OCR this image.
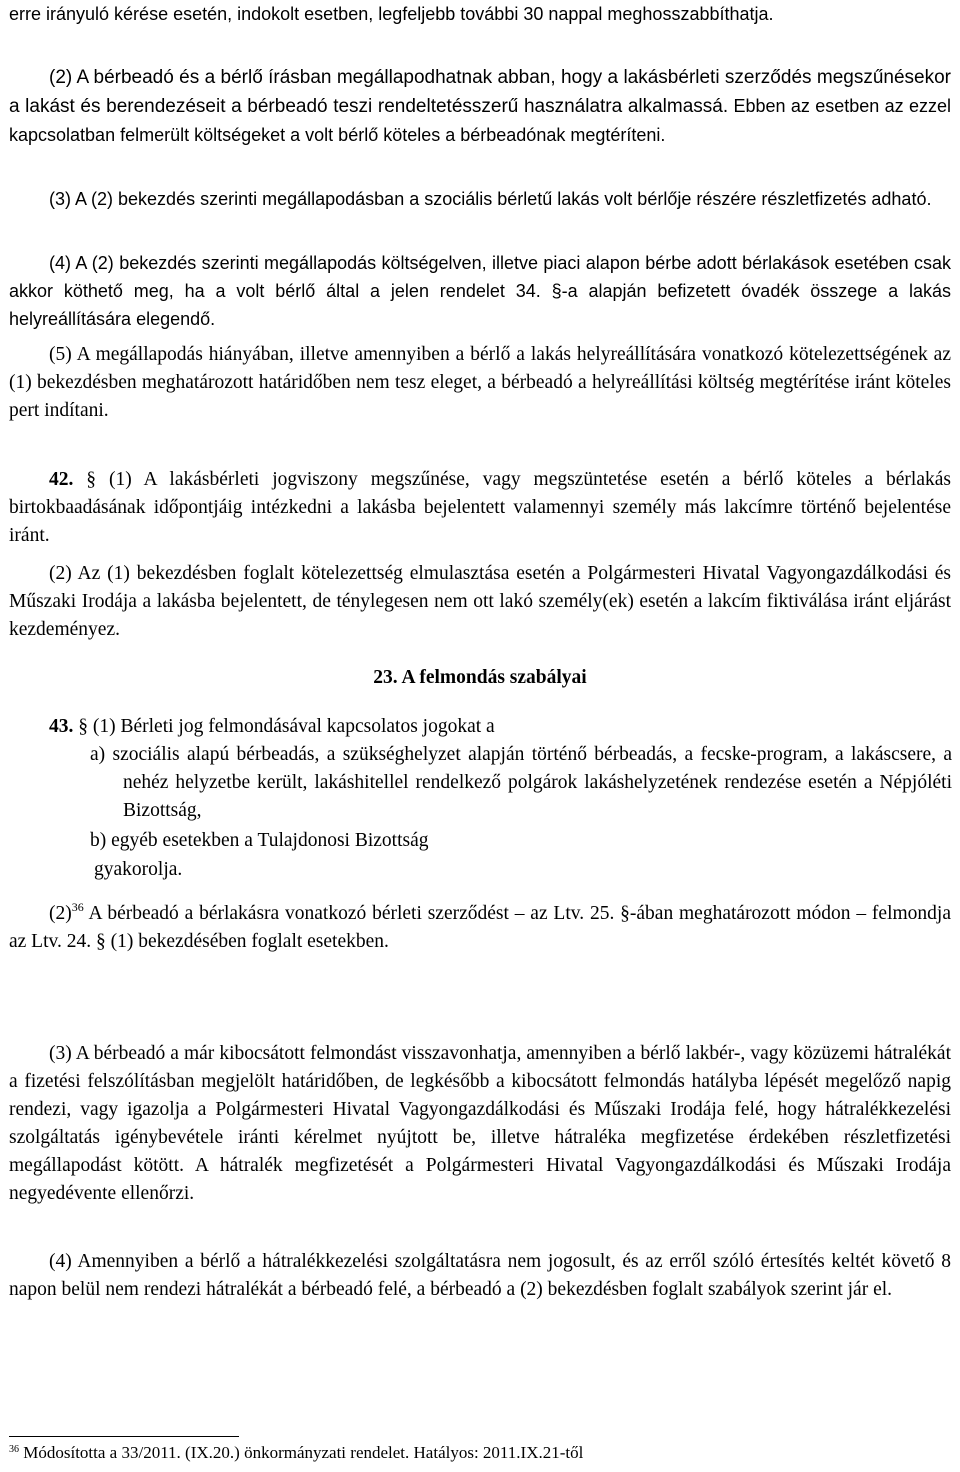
erre irányuló kérése esetén, indokolt esetben, legfeljebb további 30 nappal meghosszabbíthatja.

(2) A bérbeadó és a bérlő írásban megállapodhatnak abban, hogy a lakásbérleti szerződés megszűnésekor a lakást és berendezéseit a bérbeadó teszi rendeltetésszerű használatra alkalmassá. Ebben az esetben az ezzel kapcsolatban felmerült költségeket a volt bérlő köteles a bérbeadónak megtéríteni.

(3) A (2) bekezdés szerinti megállapodásban a szociális bérletű lakás volt bérlője részére részletfizetés adható.

(4) A (2) bekezdés szerinti megállapodás költségelven, illetve piaci alapon bérbe adott bérlakások esetében csak akkor köthető meg, ha a volt bérlő által a jelen rendelet 34. §-a alapján befizetett óvadék összege a lakás helyreállítására elegendő.

(5) A megállapodás hiányában, illetve amennyiben a bérlő a lakás helyreállítására vonatkozó kötelezettségének az (1) bekezdésben meghatározott határidőben nem tesz eleget, a bérbeadó a helyreállítási költség megtérítése iránt köteles pert indítani.

42. § (1) A lakásbérleti jogviszony megszűnése, vagy megszüntetése esetén a bérlő köteles a bérlakás birtokbaadásának időpontjáig intézkedni a lakásba bejelentett valamennyi személy más lakcímre történő bejelentése iránt.

(2) Az (1) bekezdésben foglalt kötelezettség elmulasztása esetén a Polgármesteri Hivatal Vagyongazdálkodási és Műszaki Irodája a lakásba bejelentett, de ténylegesen nem ott lakó személy(ek) esetén a lakcím fiktiválása iránt eljárást kezdeményez.

23. A felmondás szabályai

43. § (1) Bérleti jog felmondásával kapcsolatos jogokat a

a) szociális alapú bérbeadás, a szükséghelyzet alapján történő bérbeadás, a fecske-program, a lakáscsere, a nehéz helyzetbe került, lakáshitellel rendelkező polgárok lakáshelyzetének rendezése esetén a Népjóléti Bizottság,

b) egyéb esetekben a Tulajdonosi Bizottság

gyakorolja.

$(2)^{36}$ A bérbeadó a bérlakásra vonatkozó bérleti szerződést – az Ltv. 25. §-ában meghatározott módon – felmondja az Ltv. 24. § (1) bekezdésében foglalt esetekben.

(3) A bérbeadó a már kibocsátott felmondást visszavonhatja, amennyiben a bérlő lakbér-, vagy közüzemi hátralékát a fizetési felszólításban megjelölt határidőben, de legkésőbb a kibocsátott felmondás hatályba lépését megelőző napig rendezi, vagy igazolja a Polgármesteri Hivatal Vagyongazdálkodási és Műszaki Irodája felé, hogy hátralékkezelési szolgáltatás igénybevétele iránti kérelmet nyújtott be, illetve hátraléka megfizetése érdekében részletfizetési megállapodást kötött. A hátralék megfizetését a Polgármesteri Hivatal Vagyongazdálkodási és Műszaki Irodája negyedévente ellenőrzi.

(4) Amennyiben a bérlő a hátralékkezelési szolgáltatásra nem jogosult, és az erről szóló értesítés keltét követő 8 napon belül nem rendezi hátralékát a bérbeadó felé, a bérbeadó a (2) bekezdésben foglalt szabályok szerint jár el.

$^{36}$ Módosította a 33/2011. (IX.20.) önkormányzati rendelet. Hatályos: 2011.IX.21-től
